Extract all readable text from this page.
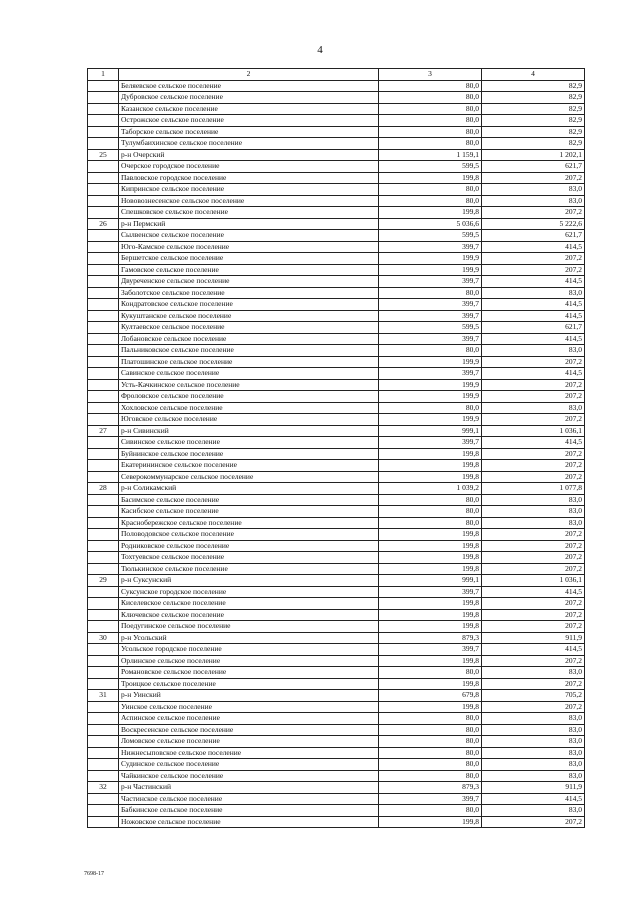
4
1	2	3	4
	Беляевское сельское поселение	80,0	82,9
	Дубровское сельское поселение	80,0	82,9
	Казанское сельское поселение	80,0	82,9
	Острожское сельское поселение	80,0	82,9
	Таборское сельское поселение	80,0	82,9
	Тулумбаихинское сельское поселение	80,0	82,9
25	р-н Очерский	1 159,1	1 202,1
	Очерское городское поселение	599,5	621,7
	Павловское городское поселение	199,8	207,2
	Кипринское сельское поселение	80,0	83,0
	Нововознесенское сельское поселение	80,0	83,0
	Спешковское сельское поселение	199,8	207,2
26	р-н Пермский	5 036,6	5 222,6
	Сылвенское сельское поселение	599,5	621,7
	Юго-Камское сельское поселение	399,7	414,5
	Бершетское сельское поселение	199,9	207,2
	Гамовское сельское поселение	199,9	207,2
	Двуреченское сельское поселение	399,7	414,5
	Заболотское сельское поселение	80,0	83,0
	Кондратовское сельское поселение	399,7	414,5
	Кукуштанское сельское поселение	399,7	414,5
	Култаевское сельское поселение	599,5	621,7
	Лобановское сельское поселение	399,7	414,5
	Пальниковское сельское поселение	80,0	83,0
	Платошинское сельское поселение	199,9	207,2
	Савинское сельское поселение	399,7	414,5
	Усть-Качкинское сельское поселение	199,9	207,2
	Фроловское сельское поселение	199,9	207,2
	Хохловское сельское поселение	80,0	83,0
	Юговское сельское поселение	199,9	207,2
27	р-н Сивинский	999,1	1 036,1
	Сивинское сельское поселение	399,7	414,5
	Буйнинское сельское поселение	199,8	207,2
	Екатерининское сельское поселение	199,8	207,2
	Северокоммунарское сельское поселение	199,8	207,2
28	р-н Соликамский	1 039,2	1 077,8
	Басимское сельское поселение	80,0	83,0
	Касибское сельское поселение	80,0	83,0
	Краснобережское сельское поселение	80,0	83,0
	Половодовское сельское поселение	199,8	207,2
	Родниковское сельское поселение	199,8	207,2
	Тохтуевское сельское поселение	199,8	207,2
	Тюлькинское сельское поселение	199,8	207,2
29	р-н Суксунский	999,1	1 036,1
	Суксунское городское поселение	399,7	414,5
	Киселевское сельское поселение	199,8	207,2
	Ключевское сельское поселение	199,8	207,2
	Поедугинское сельское поселение	199,8	207,2
30	р-н Усольский	879,3	911,9
	Усольское городское поселение	399,7	414,5
	Орлинское сельское поселение	199,8	207,2
	Романовское сельское поселение	80,0	83,0
	Троицкое сельское поселение	199,8	207,2
31	р-н Уинский	679,8	705,2
	Уинское сельское поселение	199,8	207,2
	Аспинское сельское поселение	80,0	83,0
	Воскресенское сельское поселение	80,0	83,0
	Ломовское сельское поселение	80,0	83,0
	Нижнесыповское сельское поселение	80,0	83,0
	Судинское сельское поселение	80,0	83,0
	Чайкинское сельское поселение	80,0	83,0
32	р-н Частинский	879,3	911,9
	Частинское сельское поселение	399,7	414,5
	Бабкинское сельское поселение	80,0	83,0
	Ножовское сельское поселение	199,8	207,2
7698-17
